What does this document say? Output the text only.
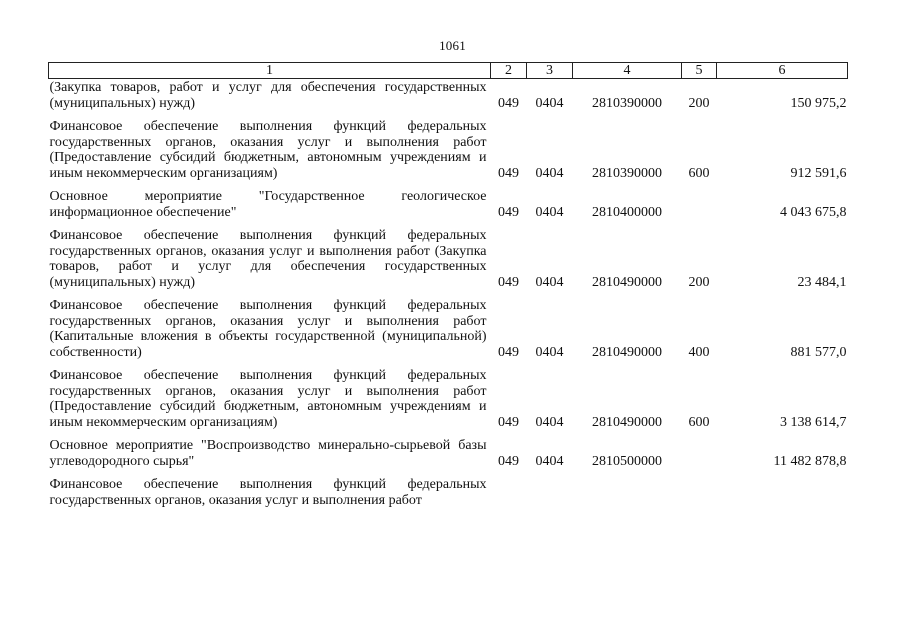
1061
1	2	3	4	5	6
(Закупка товаров, работ и услуг для обеспечения государственных (муниципальных) нужд)	049	0404	2810390000	200	150 975,2
Финансовое обеспечение выполнения функций федеральных государственных органов, оказания услуг и выполнения работ (Предоставление субсидий бюджетным, автономным учреждениям и иным некоммерческим организациям)	049	0404	2810390000	600	912 591,6
Основное мероприятие "Государственное геологическое информационное обеспечение"	049	0404	2810400000		4 043 675,8
Финансовое обеспечение выполнения функций федеральных государственных органов, оказания услуг и выполнения работ (Закупка товаров, работ и услуг для обеспечения государственных (муниципальных) нужд)	049	0404	2810490000	200	23 484,1
Финансовое обеспечение выполнения функций федеральных государственных органов, оказания услуг и выполнения работ (Капитальные вложения в объекты государственной (муниципальной) собственности)	049	0404	2810490000	400	881 577,0
Финансовое обеспечение выполнения функций федеральных государственных органов, оказания услуг и выполнения работ (Предоставление субсидий бюджетным, автономным учреждениям и иным некоммерческим организациям)	049	0404	2810490000	600	3 138 614,7
Основное мероприятие "Воспроизводство минерально-сырьевой базы углеводородного сырья"	049	0404	2810500000		11 482 878,8
Финансовое обеспечение выполнения функций федеральных государственных органов, оказания услуг и выполнения работ					
